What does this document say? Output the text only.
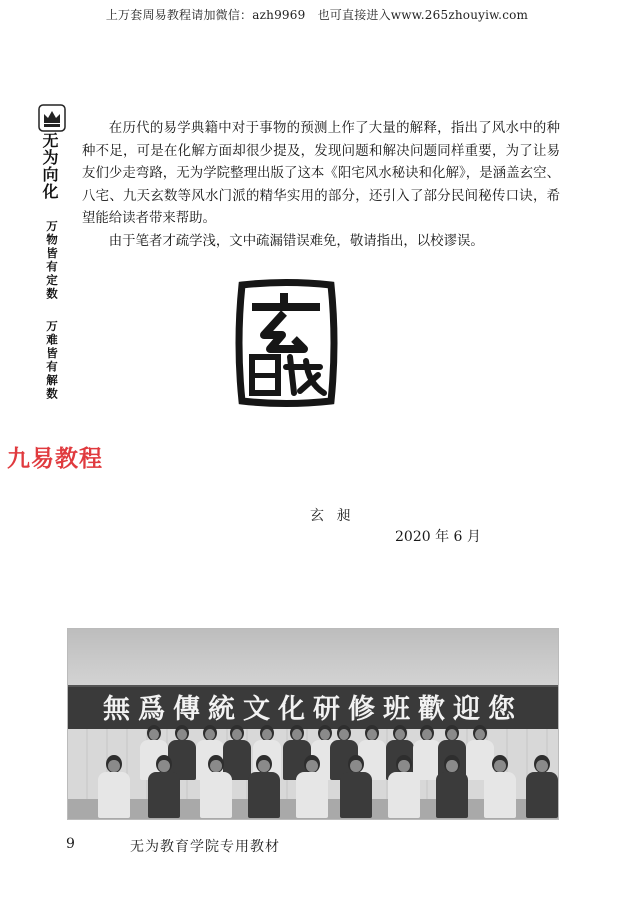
上万套周易教程请加微信：azh9969　也可直接进入www.265zhouyiw.com
无为向化
万物皆有定数
万难皆有解数

在历代的易学典籍中对于事物的预测上作了大量的解释，指出了风水中的种种不足，可是在化解方面却很少提及，发现问题和解决问题同样重要，为了让易友们少走弯路，无为学院整理出版了这本《阳宅风水秘诀和化解》，是涵盖玄空、八宅、九天玄数等风水门派的精华实用的部分，还引入了部分民间秘传口诀，希望能给读者带来帮助。

由于笔者才疏学浅，文中疏漏错误难免，敬请指出，以校谬误。

九易教程
玄 昶
2020 年 6 月
無爲傳統文化研修班歡迎您
9	无为教育学院专用教材
